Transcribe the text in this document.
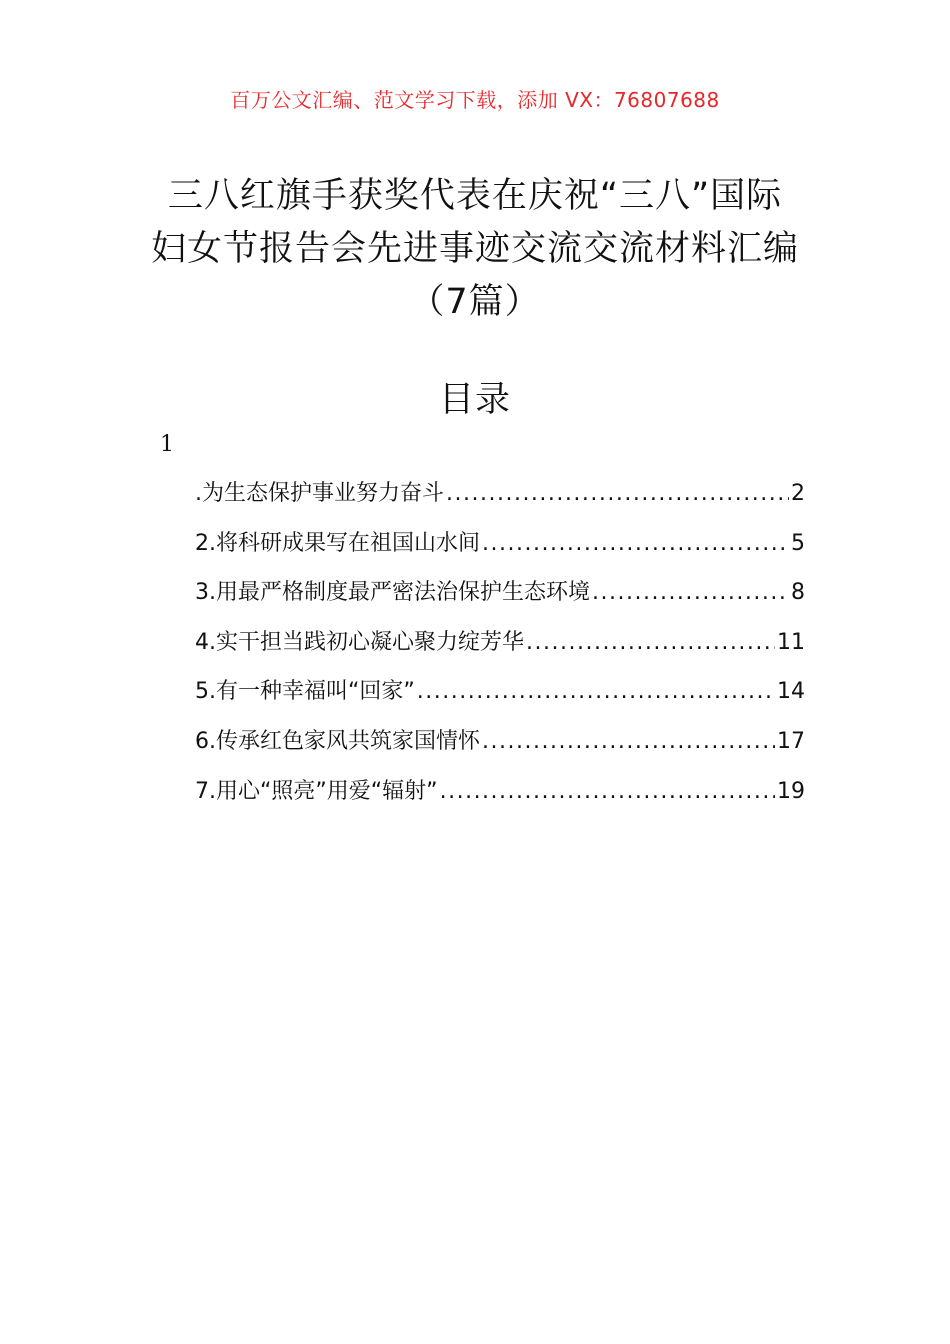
百万公文汇编、范文学习下载，添加 VX：76807688
三八红旗手获奖代表在庆祝“三八”国际
妇女节报告会先进事迹交流交流材料汇编
（7篇）
目录
1
.为生态保护事业努力奋斗 .....	2
2.将科研成果写在祖国山水间 .....	5
3.用最严格制度最严密法治保护生态环境 .....	8
4.实干担当践初心凝心聚力绽芳华 .....	11
5.有一种幸福叫“回家” .....	14
6.传承红色家风共筑家国情怀 .....	17
7.用心“照亮”用爱“辐射” .....	19
